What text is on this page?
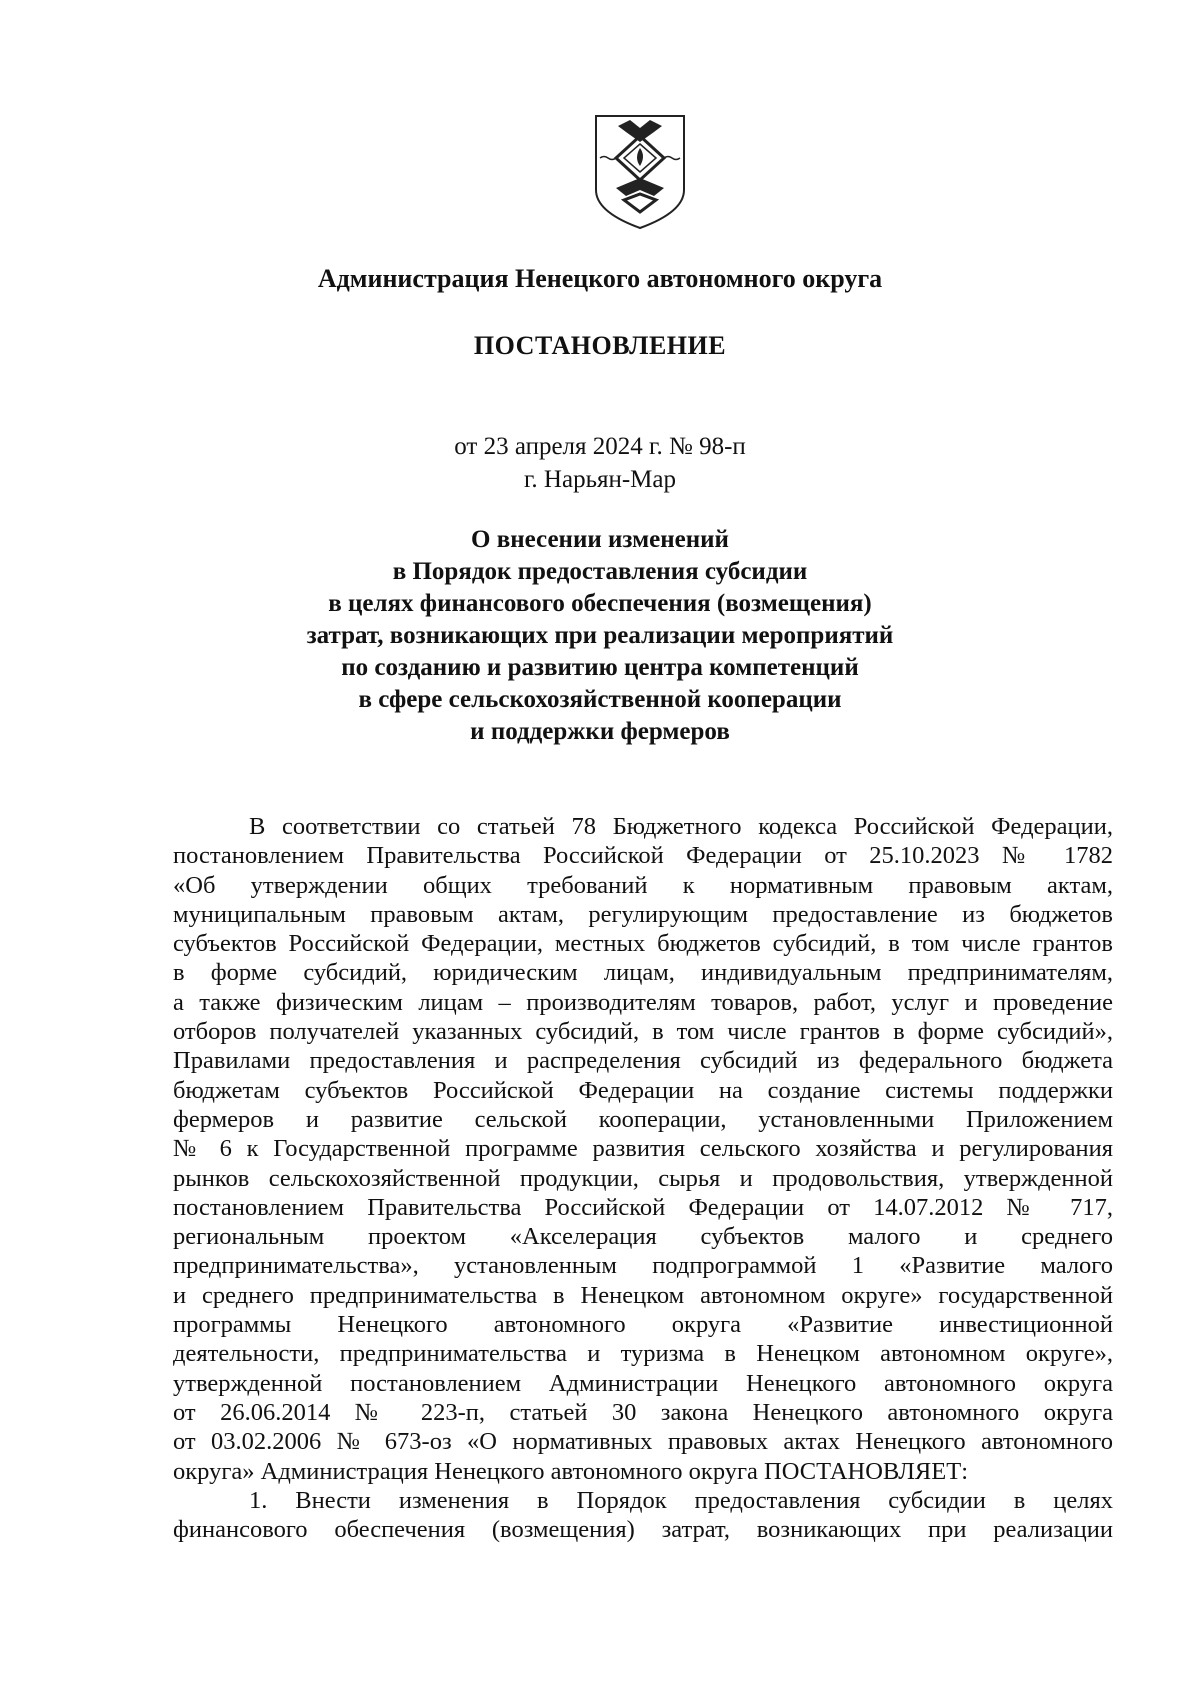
Администрация Ненецкого автономного округа
ПОСТАНОВЛЕНИЕ
от 23 апреля 2024 г. № 98-п
г. Нарьян-Мар
О внесении изменений
в Порядок предоставления субсидии
в целях финансового обеспечения (возмещения)
затрат, возникающих при реализации мероприятий
по созданию и развитию центра компетенций
в сфере сельскохозяйственной кооперации
и поддержки фермеров
В соответствии со статьей 78 Бюджетного кодекса Российской Федерации,
постановлением Правительства Российской Федерации от 25.10.2023 № 1782
«Об утверждении общих требований к нормативным правовым актам,
муниципальным правовым актам, регулирующим предоставление из бюджетов
субъектов Российской Федерации, местных бюджетов субсидий, в том числе грантов
в форме субсидий, юридическим лицам, индивидуальным предпринимателям,
а также физическим лицам – производителям товаров, работ, услуг и проведение
отборов получателей указанных субсидий, в том числе грантов в форме субсидий»,
Правилами предоставления и распределения субсидий из федерального бюджета
бюджетам субъектов Российской Федерации на создание системы поддержки
фермеров и развитие сельской кооперации, установленными Приложением
№ 6 к Государственной программе развития сельского хозяйства и регулирования
рынков сельскохозяйственной продукции, сырья и продовольствия, утвержденной
постановлением Правительства Российской Федерации от 14.07.2012 № 717,
региональным проектом «Акселерация субъектов малого и среднего
предпринимательства», установленным подпрограммой 1 «Развитие малого
и среднего предпринимательства в Ненецком автономном округе» государственной
программы Ненецкого автономного округа «Развитие инвестиционной
деятельности, предпринимательства и туризма в Ненецком автономном округе»,
утвержденной постановлением Администрации Ненецкого автономного округа
от 26.06.2014 № 223-п, статьей 30 закона Ненецкого автономного округа
от 03.02.2006 № 673-оз «О нормативных правовых актах Ненецкого автономного
округа» Администрация Ненецкого автономного округа ПОСТАНОВЛЯЕТ:
1. Внести изменения в Порядок предоставления субсидии в целях
финансового обеспечения (возмещения) затрат, возникающих при реализации
